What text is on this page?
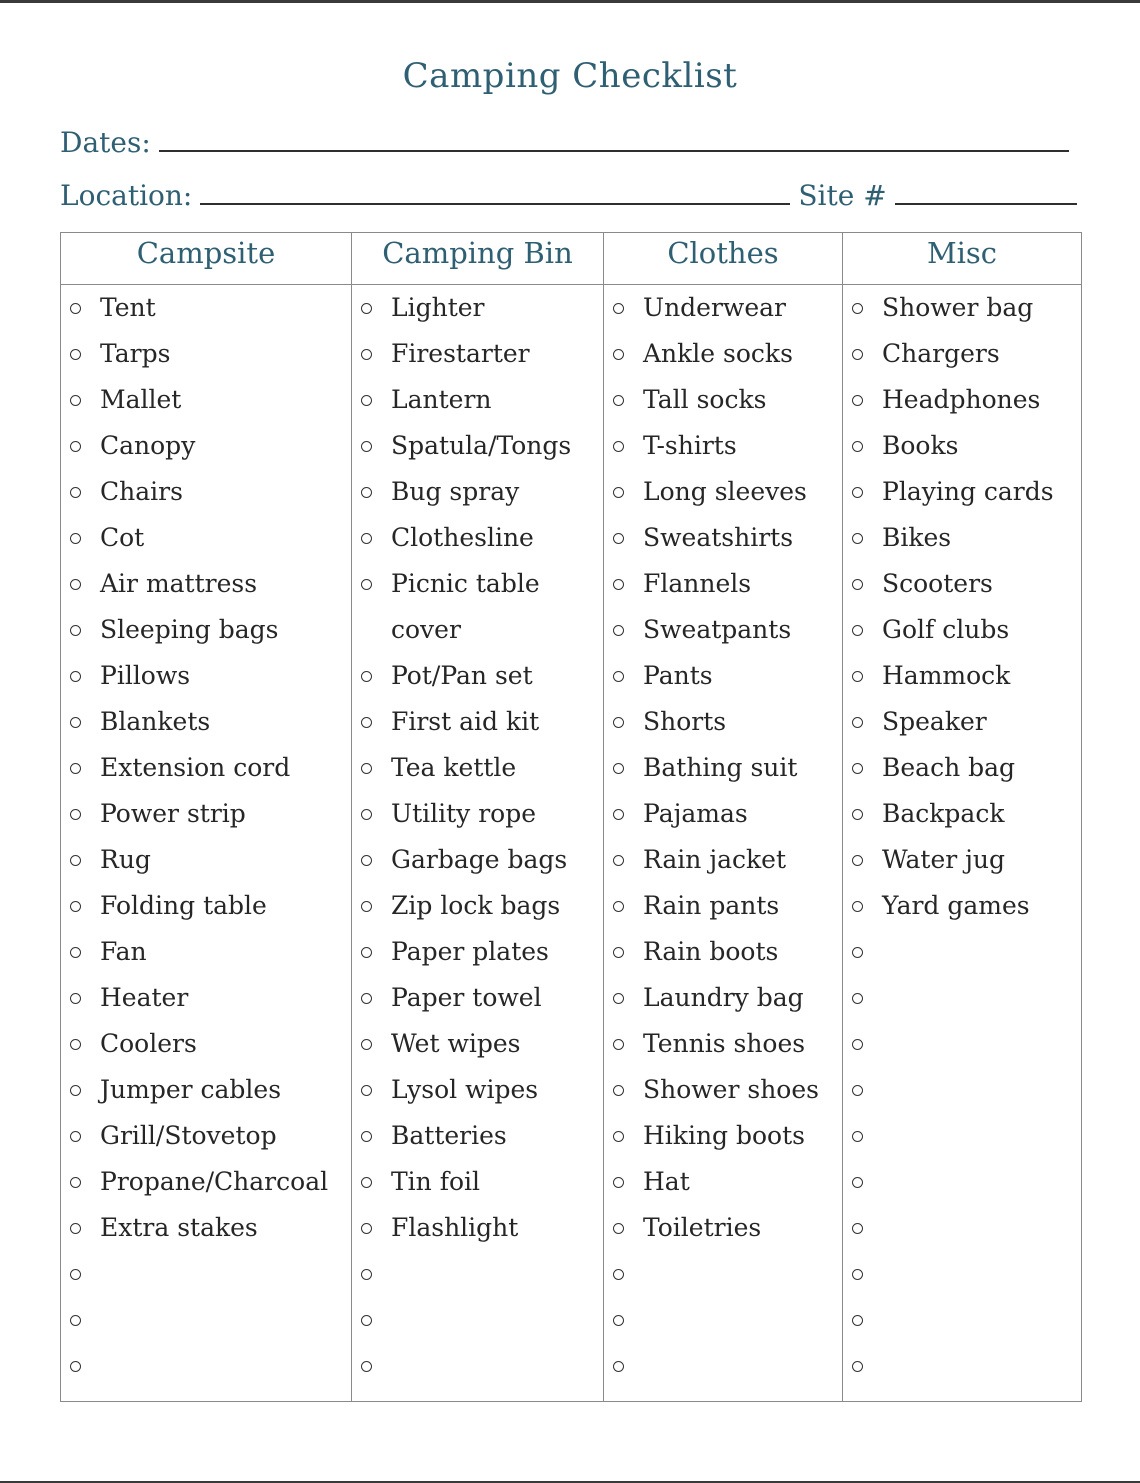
Camping Checklist
Dates:
Location:	Site #
Campsite
Tent
Tarps
Mallet
Canopy
Chairs
Cot
Air mattress
Sleeping bags
Pillows
Blankets
Extension cord
Power strip
Rug
Folding table
Fan
Heater
Coolers
Jumper cables
Grill/Stovetop
Propane/Charcoal
Extra stakes
Camping Bin
Lighter
Firestarter
Lantern
Spatula/Tongs
Bug spray
Clothesline
Picnic table
cover
Pot/Pan set
First aid kit
Tea kettle
Utility rope
Garbage bags
Zip lock bags
Paper plates
Paper towel
Wet wipes
Lysol wipes
Batteries
Tin foil
Flashlight
Clothes
Underwear
Ankle socks
Tall socks
T-shirts
Long sleeves
Sweatshirts
Flannels
Sweatpants
Pants
Shorts
Bathing suit
Pajamas
Rain jacket
Rain pants
Rain boots
Laundry bag
Tennis shoes
Shower shoes
Hiking boots
Hat
Toiletries
Misc
Shower bag
Chargers
Headphones
Books
Playing cards
Bikes
Scooters
Golf clubs
Hammock
Speaker
Beach bag
Backpack
Water jug
Yard games
